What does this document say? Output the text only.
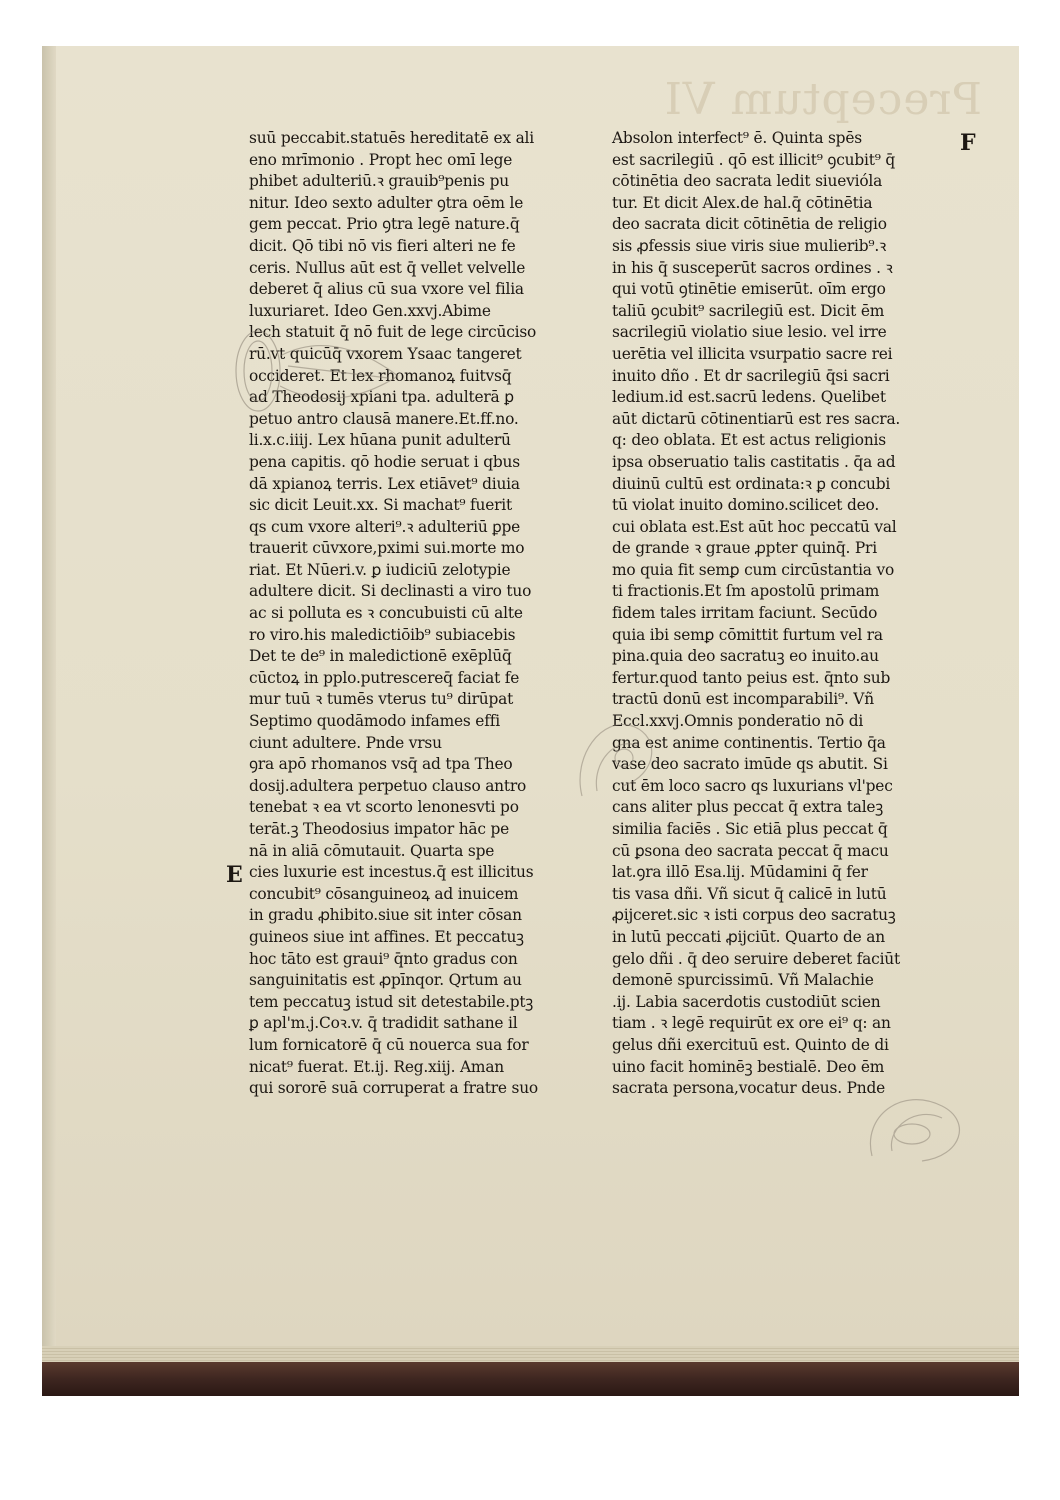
Preceptum VI
F
E
suū peccabit.statuēs hereditatē ex ali
eno mrīmonio . Propt hec omī lege
phibet adulteriū.ꝛ grauib⁹penis pu
nitur. Ideo sexto adulter ꝯtra oēm le
gem peccat. Prio ꝯtra legē nature.q̄
dicit. Qō tibi nō vis fieri alteri ne fe
ceris. Nullus aūt est q̄ vellet velvelle
deberet q̄ alius cū sua vxore vel filia
luxuriaret. Ideo Gen.xxvj.Abime
lech statuit q̄ nō fuit de lege circūciso
rū.vt quicūq̄ vxorem Ysaac tangeret
occideret. Et lex rhomanoꝝ fuitvsq̄
ad Theodosij xpiani tpa. adulterā ꝑ
petuo antro clausā manere.Et.ff.no.
li.x.c.iiij. Lex hūana punit adulterū
pena capitis. qō hodie seruat i qbus
dā xpianoꝝ terris. Lex etiāvet⁹ diuia
sic dicit Leuit.xx. Si machat⁹ fuerit
qs cum vxore alteri⁹.ꝛ adulteriū ꝑpe
trauerit cūvxore,pximi sui.morte mo
riat. Et Nūeri.v. ꝑ iudiciū zelotypie
adultere dicit. Si declinasti a viro tuo
ac si polluta es ꝛ concubuisti cū alte
ro viro.his maledictiōib⁹ subiacebis
Det te de⁹ in maledictionē exēplūq̄
cūctoꝝ in pplo.putrescereq̄ faciat fe
mur tuū ꝛ tumēs vterus tu⁹ dirūpat
Septimo quodāmodo infames effi
ciunt adultere. Pnde vrsu
ꝯra apō rhomanos vsq̄ ad tpa Theo
dosij.adultera perpetuo clauso antro
tenebat ꝛ ea vt scorto lenonesvti po
terāt.ꝫ Theodosius impator hāc pe
nā in aliā cōmutauit. Quarta spe
cies luxurie est incestus.q̄ est illicitus
concubit⁹ cōsanguineoꝝ ad inuicem
in gradu ꝓhibito.siue sit inter cōsan
guineos siue int affines. Et peccatuꝫ
hoc tāto est graui⁹ q̄nto gradus con
sanguinitatis est ꝓpīnqor. Qrtum au
tem peccatuꝫ istud sit detestabile.ptꝫ
ꝑ apl'm.j.Coꝛ.v. q̄ tradidit sathane il
lum fornicatorē q̄ cū nouerca sua for
nicat⁹ fuerat. Et.ij. Reg.xiij. Aman
qui sororē suā corruperat a fratre suo
Absolon interfect⁹ ē. Quinta spēs
est sacrilegiū . qō est illicit⁹ ꝯcubit⁹ q̄
cōtinētia deo sacrata ledit siuevióla
tur. Et dicit Alex.de hal.q̄ cōtinētia
deo sacrata dicit cōtinētia de religio
sis ꝓfessis siue viris siue mulierib⁹.ꝛ
in his q̄ susceperūt sacros ordines . ꝛ
qui votū ꝯtinētie emiserūt. oīm ergo
taliū ꝯcubit⁹ sacrilegiū est. Dicit ēm
sacrilegiū violatio siue lesio. vel irre
uerētia vel illicita vsurpatio sacre rei
inuito dño . Et dr sacrilegiū q̄si sacri
ledium.id est.sacrū ledens. Quelibet
aūt dictarū cōtinentiarū est res sacra.
q: deo oblata. Et est actus religionis
ipsa obseruatio talis castitatis . q̄a ad
diuinū cultū est ordinata:ꝛ ꝑ concubi
tū violat inuito domino.scilicet deo.
cui oblata est.Est aūt hoc peccatū val
de grande ꝛ graue ꝓpter quinq̄. Pri
mo quia fit semꝑ cum circūstantia vo
ti fractionis.Et ſm apostolū primam
fidem tales irritam faciunt. Secūdo
quia ibi semꝑ cōmittit furtum vel ra
pina.quia deo sacratuꝫ eo inuito.au
fertur.quod tanto peius est. q̄nto sub
tractū donū est incomparabili⁹. Vñ
Eccl.xxvj.Omnis ponderatio nō di
gna est anime continentis. Tertio q̄a
vase deo sacrato imūde qs abutit. Si
cut ēm loco sacro qs luxurians vl'pec
cans aliter plus peccat q̄ extra taleꝫ
similia faciēs . Sic etiā plus peccat q̄
cū ꝑsona deo sacrata peccat q̄ macu
lat.ꝯra illō Esa.lij. Mūdamini q̄ fer
tis vasa dñi. Vñ sicut q̄ calicē in lutū
ꝓijceret.sic ꝛ isti corpus deo sacratuꝫ
in lutū peccati ꝓijciūt. Quarto de an
gelo dñi . q̄ deo seruire deberet faciūt
demonē spurcissimū. Vñ Malachie
.ij. Labia sacerdotis custodiūt scien
tiam . ꝛ legē requirūt ex ore ei⁹ q: an
gelus dñi exercituū est. Quinto de di
uino facit hominēꝫ bestialē. Deo ēm
sacrata persona,vocatur deus. Pnde
